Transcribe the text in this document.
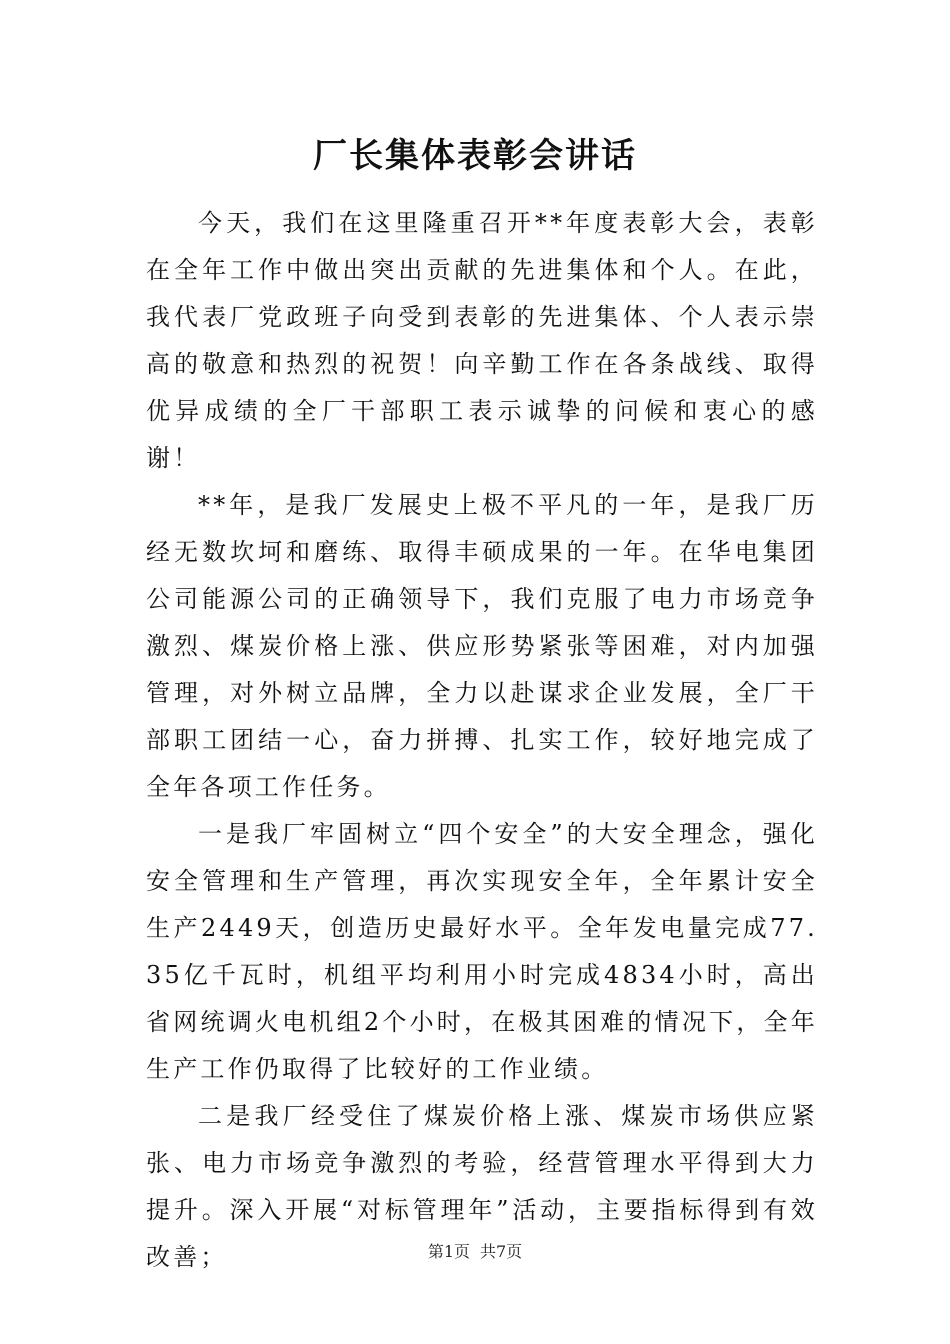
厂长集体表彰会讲话

今天，我们在这里隆重召开**年度表彰大会，表彰在全年工作中做出突出贡献的先进集体和个人。在此，我代表厂党政班子向受到表彰的先进集体、个人表示崇高的敬意和热烈的祝贺！向辛勤工作在各条战线、取得优异成绩的全厂干部职工表示诚挚的问候和衷心的感谢！

**年，是我厂发展史上极不平凡的一年，是我厂历经无数坎坷和磨练、取得丰硕成果的一年。在华电集团公司能源公司的正确领导下，我们克服了电力市场竞争激烈、煤炭价格上涨、供应形势紧张等困难，对内加强管理，对外树立品牌，全力以赴谋求企业发展，全厂干部职工团结一心，奋力拼搏、扎实工作，较好地完成了全年各项工作任务。

一是我厂牢固树立“四个安全”的大安全理念，强化安全管理和生产管理，再次实现安全年，全年累计安全生产2449天，创造历史最好水平。全年发电量完成77.35亿千瓦时，机组平均利用小时完成4834小时，高出省网统调火电机组2个小时，在极其困难的情况下，全年生产工作仍取得了比较好的工作业绩。

二是我厂经受住了煤炭价格上涨、煤炭市场供应紧张、电力市场竞争激烈的考验，经营管理水平得到大力提升。深入开展“对标管理年”活动，主要指标得到有效改善；	第1页 共7页
